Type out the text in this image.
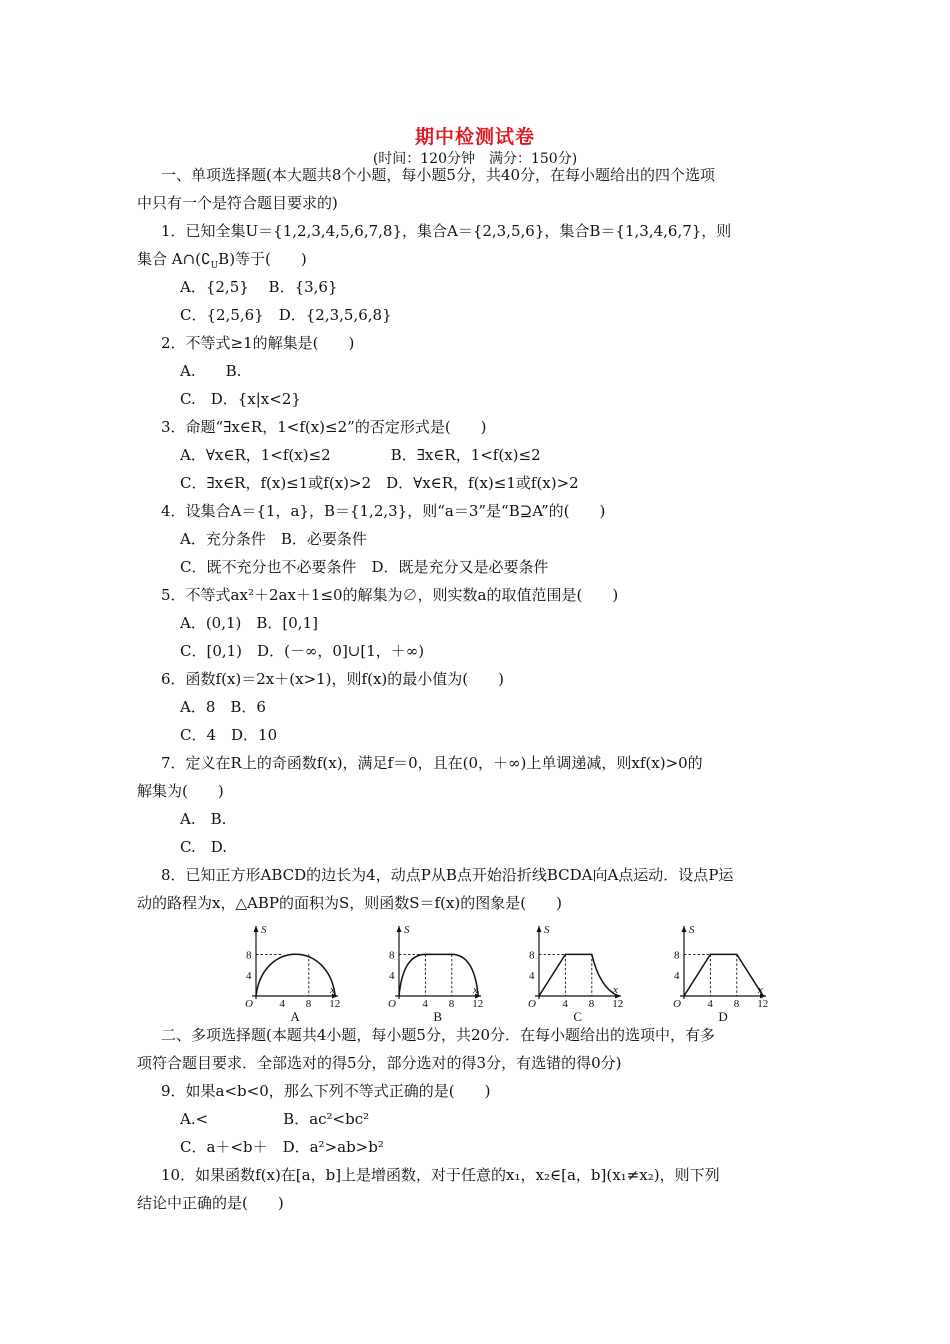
期中检测试卷
(时间：120分钟　满分：150分)
一、单项选择题(本大题共8个小题，每小题5分，共40分，在每小题给出的四个选项
中只有一个是符合题目要求的)
1．已知全集U＝{1,2,3,4,5,6,7,8}，集合A＝{2,3,5,6}，集合B＝{1,3,4,6,7}，则
集合 $A\cap(∁_UB)$等于(　　)
A．{2,5}　 B．{3,6}
C．{2,5,6}　D．{2,3,5,6,8}
2．不等式≥1的解集是(　　)
A.　　B.
C.　D．{x|x<2}
3．命题“∃x∈R，1<f(x)≤2”的否定形式是(　　)
A．∀x∈R，1<f(x)≤2　　　　B．∃x∈R，1<f(x)≤2
C．∃x∈R，f(x)≤1或f(x)>2　D．∀x∈R，f(x)≤1或f(x)>2
4．设集合A＝{1，a}，B＝{1,2,3}，则“a＝3”是“B⊇A”的(　　)
A．充分条件　B．必要条件
C．既不充分也不必要条件　D．既是充分又是必要条件
5．不等式ax²＋2ax＋1≤0的解集为∅，则实数a的取值范围是(　　)
A．(0,1)　B．[0,1]
C．[0,1)　D．(－∞，0]∪[1，＋∞)
6．函数f(x)＝2x＋(x>1)，则f(x)的最小值为(　　)
A．8　B．6
C．4　D．10
7．定义在R上的奇函数f(x)，满足f＝0，且在(0，＋∞)上单调递减，则xf(x)>0的
解集为(　　)
A.　B.
C.　D.
8．已知正方形ABCD的边长为4，动点P从B点开始沿折线BCDA向A点运动．设点P运
动的路程为x，△ABP的面积为S，则函数S＝f(x)的图象是(　　)
S
x
O
8
4
4 8 12
A
S
x
O
8
4
4 8 12
B
S
x
O
8
4
4 8 12
C
S
x
O
8
4
4 8 12
D
二、多项选择题(本题共4小题，每小题5分，共20分．在每小题给出的选项中，有多
项符合题目要求．全部选对的得5分，部分选对的得3分，有选错的得0分)
9．如果a<b<0，那么下列不等式正确的是(　　)
A.<　　　　　B．ac²<bc²
C．a＋<b＋　D．a²>ab>b²
10．如果函数f(x)在[a，b]上是增函数，对于任意的x₁，x₂∈[a，b](x₁≠x₂)，则下列
结论中正确的是(　　)
